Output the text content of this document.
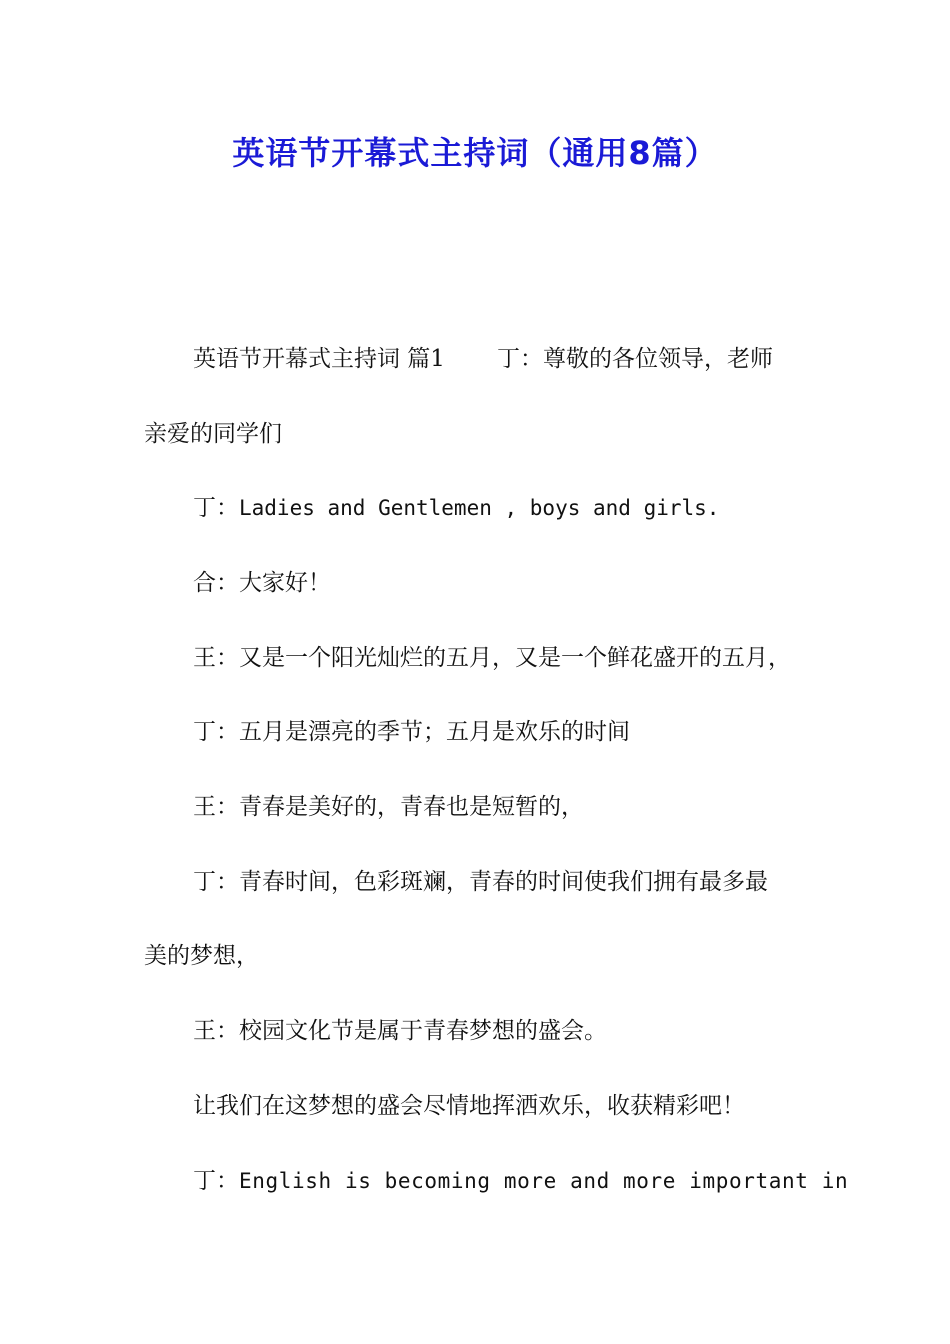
英语节开幕式主持词（通用8篇）

英语节开幕式主持词 篇1 丁：尊敬的各位领导，老师

亲爱的同学们

丁：Ladies and Gentlemen , boys and girls.

合：大家好！

王：又是一个阳光灿烂的五月，又是一个鲜花盛开的五月，

丁：五月是漂亮的季节；五月是欢乐的时间

王：青春是美好的，青春也是短暂的，

丁：青春时间，色彩斑斓，青春的时间使我们拥有最多最

美的梦想，

王：校园文化节是属于青春梦想的盛会。

让我们在这梦想的盛会尽情地挥洒欢乐，收获精彩吧！

丁：English is becoming more and more important in
